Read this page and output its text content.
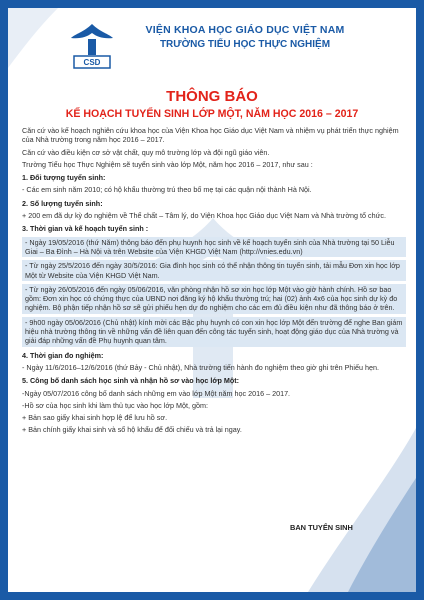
CSD
VIỆN KHOA HỌC GIÁO DỤC VIỆT NAM
TRƯỜNG TIỂU HỌC THỰC NGHIỆM
THÔNG BÁO
KẾ HOẠCH TUYỂN SINH LỚP MỘT, NĂM HỌC 2016 – 2017

Căn cứ vào kế hoạch nghiên cứu khoa học của Viện Khoa học Giáo dục Việt Nam và nhiệm vụ phát triển thực nghiệm của Nhà trường trong năm học 2016 – 2017.

Căn cứ vào điều kiện cơ sở vật chất, quy mô trường lớp và đội ngũ giáo viên.

Trường Tiểu học Thực Nghiệm sẽ tuyển sinh vào lớp Một, năm học 2016 – 2017, như sau :

1. Đối tượng tuyển sinh:

- Các em sinh năm 2010; có hộ khẩu thường trú theo bố mẹ tại các quận nội thành Hà Nội.

2. Số lượng tuyển sinh:

+ 200 em đã dự kỳ đo nghiệm về Thể chất – Tâm lý, do Viện Khoa học Giáo dục Việt Nam và Nhà trường tổ chức.

3. Thời gian và kế hoạch tuyển sinh :

- Ngày 19/05/2016 (thứ Năm) thông báo đến phụ huynh học sinh về kế hoạch tuyển sinh của Nhà trường tại 50 Liễu Giai – Ba Đình – Hà Nội và trên Website của Viện KHGD Việt Nam (http://vnies.edu.vn)

- Từ ngày 25/5/2016 đến ngày 30/5/2016: Gia đình học sinh có thể nhận thông tin tuyển sinh, tải mẫu Đơn xin học lớp Một từ Website của Viện KHGD Việt Nam.

- Từ ngày 26/05/2016 đến ngày 05/06/2016, văn phòng nhận hồ sơ xin học lớp Một vào giờ hành chính. Hồ sơ bao gồm: Đơn xin học có chứng thực của UBND nơi đăng ký hộ khẩu thường trú; hai (02) ảnh 4x6 của học sinh dự kỳ đo nghiệm. Bộ phận tiếp nhận hồ sơ sẽ gửi phiếu hẹn dự đo nghiệm cho các em đủ điều kiện như đã thông báo ở trên.

- 9h00 ngày 05/06/2016 (Chủ nhật) kính mời các Bậc phụ huynh có con xin học lớp Một đến trường để nghe Ban giám hiệu nhà trường thông tin về những vấn đề liên quan đến công tác tuyển sinh, hoạt động giáo dục của Nhà trường và giải đáp những vấn đề Phụ huynh quan tâm.

4. Thời gian đo nghiệm:

- Ngày 11/6/2016–12/6/2016 (thứ Bảy - Chủ nhật), Nhà trường tiến hành đo nghiệm theo giờ ghi trên Phiếu hẹn.

5. Công bố danh sách học sinh và nhận hồ sơ vào học lớp Một:

-Ngày 05/07/2016 công bố danh sách những em vào lớp Một năm học 2016 – 2017.

-Hồ sơ của học sinh khi làm thủ tục vào học lớp Một, gồm:

+ Bản sao giấy khai sinh hợp lệ để lưu hồ sơ.

+ Bản chính giấy khai sinh và sổ hộ khẩu để đối chiếu và trả lại ngay.

BAN TUYỂN SINH
